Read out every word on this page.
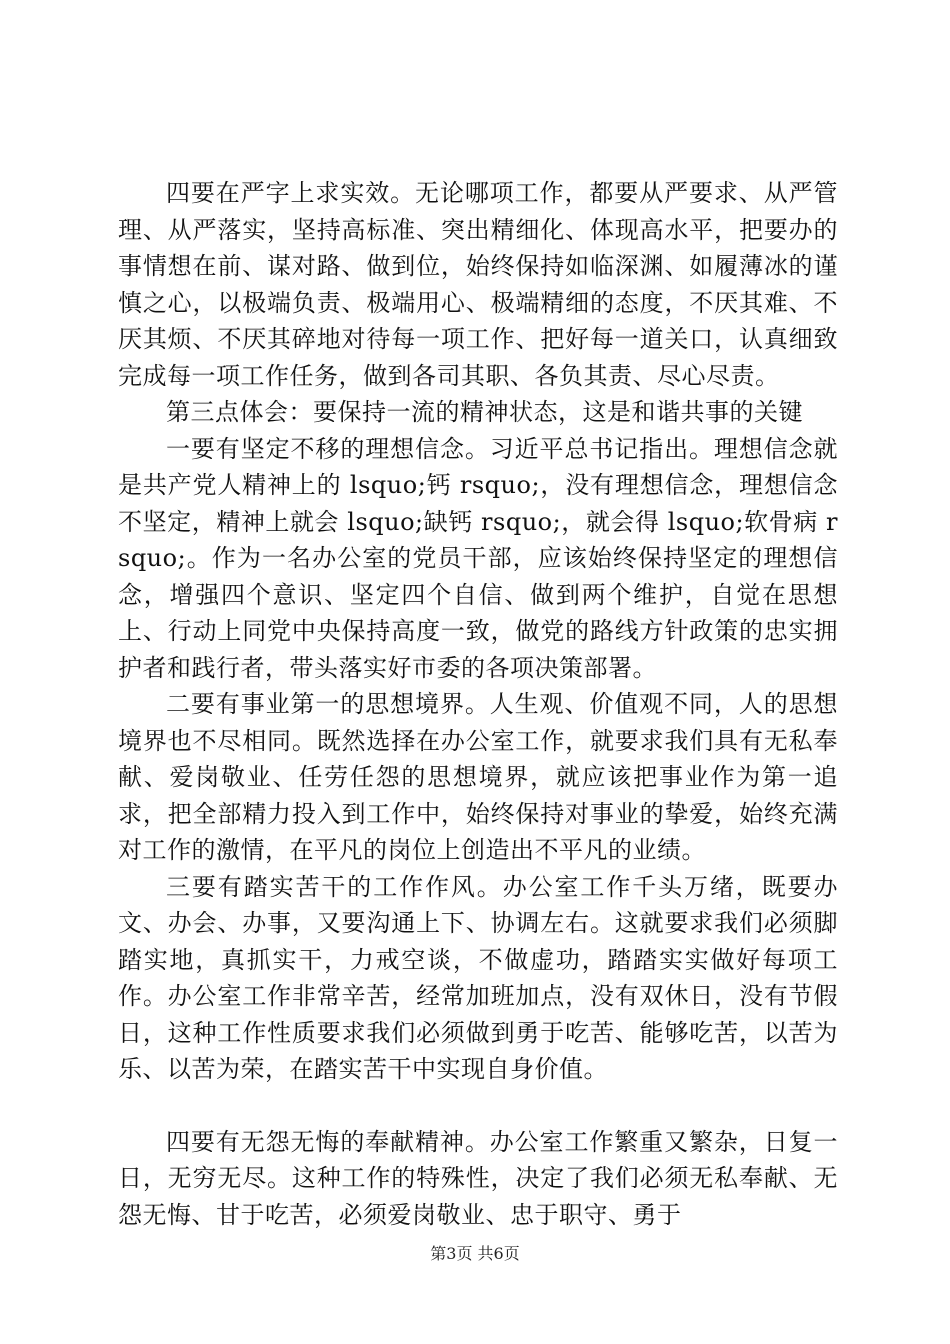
四要在严字上求实效。无论哪项工作，都要从严要求、从严管理、从严落实，坚持高标准、突出精细化、体现高水平，把要办的事情想在前、谋对路、做到位，始终保持如临深渊、如履薄冰的谨慎之心，以极端负责、极端用心、极端精细的态度，不厌其难、不厌其烦、不厌其碎地对待每一项工作、把好每一道关口，认真细致完成每一项工作任务，做到各司其职、各负其责、尽心尽责。

第三点体会：要保持一流的精神状态，这是和谐共事的关键

一要有坚定不移的理想信念。习近平总书记指出。理想信念就是共产党人精神上的 lsquo;钙 rsquo;，没有理想信念，理想信念不坚定，精神上就会 lsquo;缺钙 rsquo;，就会得 lsquo;软骨病 rsquo;。作为一名办公室的党员干部，应该始终保持坚定的理想信念，增强四个意识、坚定四个自信、做到两个维护，自觉在思想上、行动上同党中央保持高度一致，做党的路线方针政策的忠实拥护者和践行者，带头落实好市委的各项决策部署。

二要有事业第一的思想境界。人生观、价值观不同，人的思想境界也不尽相同。既然选择在办公室工作，就要求我们具有无私奉献、爱岗敬业、任劳任怨的思想境界，就应该把事业作为第一追求，把全部精力投入到工作中，始终保持对事业的挚爱，始终充满对工作的激情，在平凡的岗位上创造出不平凡的业绩。

三要有踏实苦干的工作作风。办公室工作千头万绪，既要办文、办会、办事，又要沟通上下、协调左右。这就要求我们必须脚踏实地，真抓实干，力戒空谈，不做虚功，踏踏实实做好每项工作。办公室工作非常辛苦，经常加班加点，没有双休日，没有节假日，这种工作性质要求我们必须做到勇于吃苦、能够吃苦，以苦为乐、以苦为荣，在踏实苦干中实现自身价值。

四要有无怨无悔的奉献精神。办公室工作繁重又繁杂，日复一日，无穷无尽。这种工作的特殊性，决定了我们必须无私奉献、无怨无悔、甘于吃苦，必须爱岗敬业、忠于职守、勇于

第3页 共6页
